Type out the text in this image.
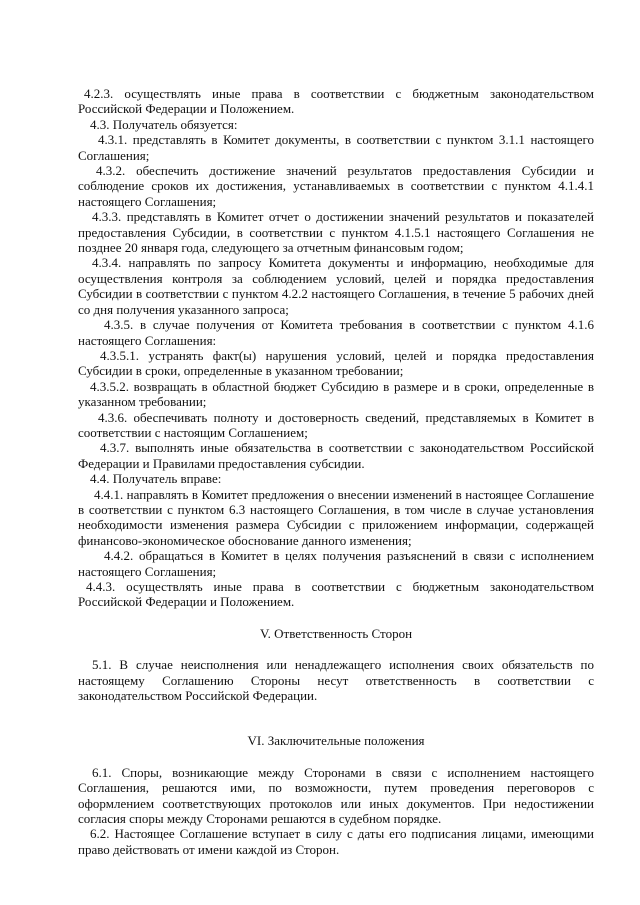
4.2.3. осуществлять иные права в соответствии с бюджетным законодательством Российской Федерации и Положением.

4.3. Получатель обязуется:

4.3.1. представлять в Комитет документы, в соответствии с пунктом 3.1.1 настоящего Соглашения;

4.3.2. обеспечить достижение значений результатов предоставления Субсидии и соблюдение сроков их достижения, устанавливаемых в соответствии с пунктом 4.1.4.1 настоящего Соглашения;

4.3.3. представлять в Комитет отчет о достижении значений результатов и показателей предоставления Субсидии, в соответствии с пунктом 4.1.5.1 настоящего Соглашения не позднее 20 января года, следующего за отчетным финансовым годом;

4.3.4. направлять по запросу Комитета документы и информацию, необходимые для осуществления контроля за соблюдением условий, целей и порядка предоставления Субсидии в соответствии с пунктом 4.2.2 настоящего Соглашения, в течение 5 рабочих дней со дня получения указанного запроса;

4.3.5. в случае получения от Комитета требования в соответствии с пунктом 4.1.6 настоящего Соглашения:

4.3.5.1. устранять факт(ы) нарушения условий, целей и порядка предоставления Субсидии в сроки, определенные в указанном требовании;

4.3.5.2. возвращать в областной бюджет Субсидию в размере и в сроки, определенные в указанном требовании;

4.3.6. обеспечивать полноту и достоверность сведений, представляемых в Комитет в соответствии с настоящим Соглашением;

4.3.7. выполнять иные обязательства в соответствии с законодательством Российской Федерации и Правилами предоставления субсидии.

4.4. Получатель вправе:

4.4.1. направлять в Комитет предложения о внесении изменений в настоящее Соглашение в соответствии с пунктом 6.3 настоящего Соглашения, в том числе в случае установления необходимости изменения размера Субсидии с приложением информации, содержащей финансово-экономическое обоснование данного изменения;

4.4.2. обращаться в Комитет в целях получения разъяснений в связи с исполнением настоящего Соглашения;

4.4.3. осуществлять иные права в соответствии с бюджетным законодательством Российской Федерации и Положением.

V. Ответственность Сторон

5.1. В случае неисполнения или ненадлежащего исполнения своих обязательств по настоящему Соглашению Стороны несут ответственность в соответствии с законодательством Российской Федерации.

VI. Заключительные положения

6.1. Споры, возникающие между Сторонами в связи с исполнением настоящего Соглашения, решаются ими, по возможности, путем проведения переговоров с оформлением соответствующих протоколов или иных документов. При недостижении согласия споры между Сторонами решаются в судебном порядке.

6.2. Настоящее Соглашение вступает в силу с даты его подписания лицами, имеющими право действовать от имени каждой из Сторон.
